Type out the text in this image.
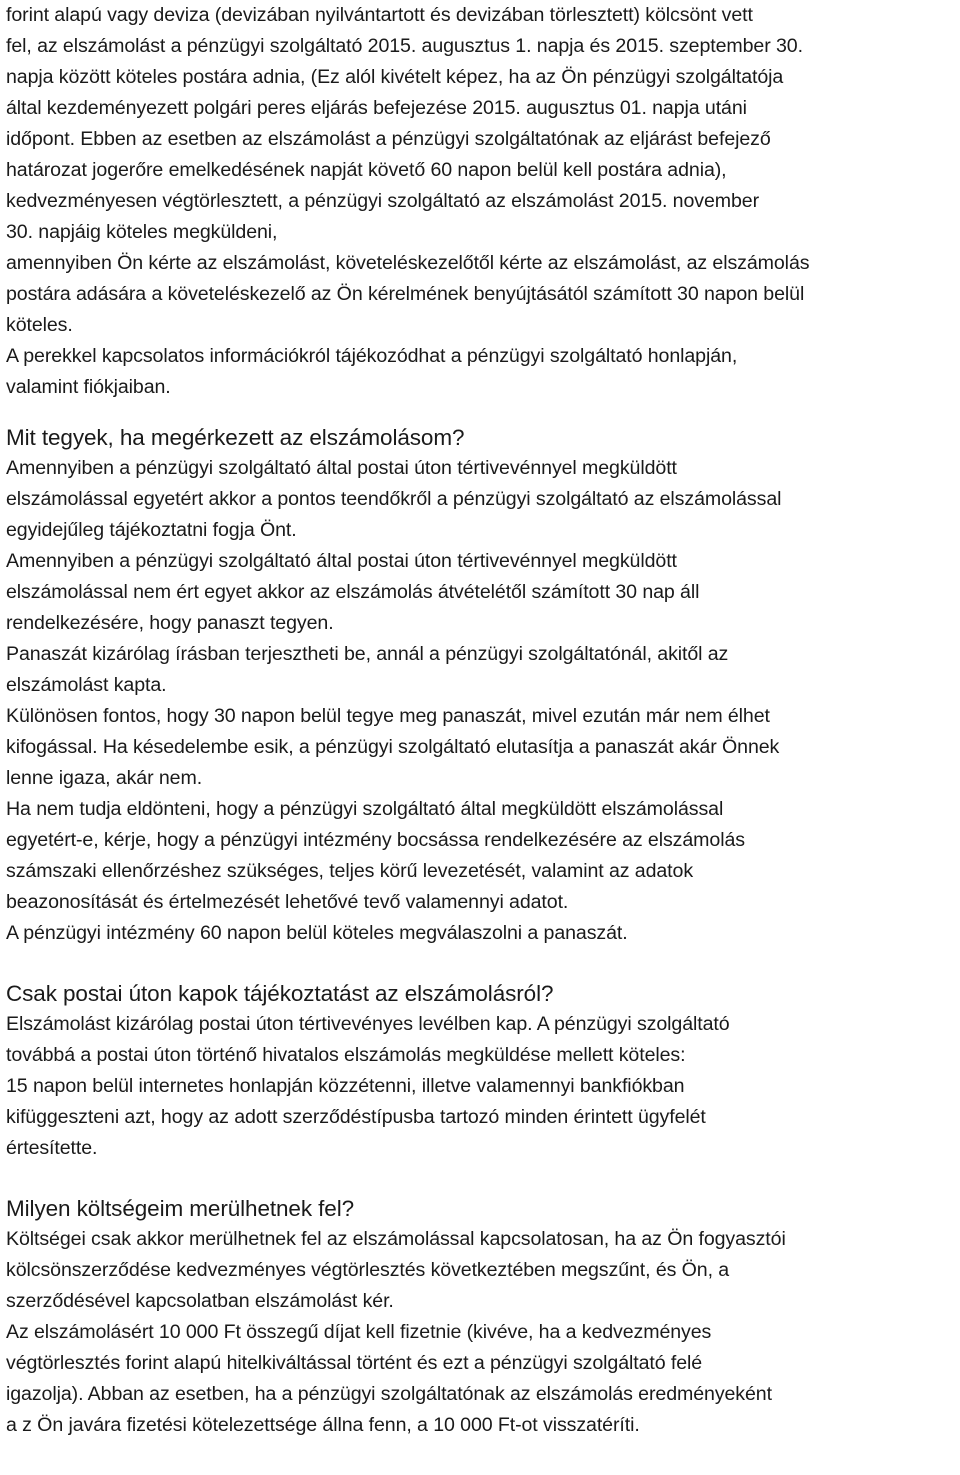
forint alapú vagy deviza (devizában nyilvántartott és devizában törlesztett) kölcsönt vett
fel, az elszámolást a pénzügyi szolgáltató 2015. augusztus 1. napja és 2015. szeptember 30.
napja között köteles postára adnia, (Ez alól kivételt képez, ha az Ön pénzügyi szolgáltatója
által kezdeményezett polgári peres eljárás befejezése 2015. augusztus 01. napja utáni
időpont. Ebben az esetben az elszámolást a pénzügyi szolgáltatónak az eljárást befejező
határozat jogerőre emelkedésének napját követő 60 napon belül kell postára adnia),
kedvezményesen végtörlesztett, a pénzügyi szolgáltató az elszámolást 2015. november
30. napjáig köteles megküldeni,
amennyiben Ön kérte az elszámolást, követeléskezelőtől kérte az elszámolást, az elszámolás
postára adására a követeléskezelő az Ön kérelmének benyújtásától számított 30 napon belül
köteles.
A perekkel kapcsolatos információkról tájékozódhat a pénzügyi szolgáltató honlapján,
valamint fiókjaiban.
Mit tegyek, ha megérkezett az elszámolásom?
Amennyiben a pénzügyi szolgáltató által postai úton tértivevénnyel megküldött
elszámolással egyetért akkor a pontos teendőkről a pénzügyi szolgáltató az elszámolással
egyidejűleg tájékoztatni fogja Önt.
Amennyiben a pénzügyi szolgáltató által postai úton tértivevénnyel megküldött
elszámolással nem ért egyet akkor az elszámolás átvételétől számított 30 nap áll
rendelkezésére, hogy panaszt tegyen.
Panaszát kizárólag írásban terjesztheti be, annál a pénzügyi szolgáltatónál, akitől az
elszámolást kapta.
Különösen fontos, hogy 30 napon belül tegye meg panaszát, mivel ezután már nem élhet
kifogással. Ha késedelembe esik, a pénzügyi szolgáltató elutasítja a panaszát akár Önnek
lenne igaza, akár nem.
Ha nem tudja eldönteni, hogy a pénzügyi szolgáltató által megküldött elszámolással
egyetért-e, kérje, hogy a pénzügyi intézmény bocsássa rendelkezésére az elszámolás
számszaki ellenőrzéshez szükséges, teljes körű levezetését, valamint az adatok
beazonosítását és értelmezését lehetővé tevő valamennyi adatot.
A pénzügyi intézmény 60 napon belül köteles megválaszolni a panaszát.
Csak postai úton kapok tájékoztatást az elszámolásról?
Elszámolást kizárólag postai úton tértivevényes levélben kap. A pénzügyi szolgáltató
továbbá a postai úton történő hivatalos elszámolás megküldése mellett köteles:
15 napon belül internetes honlapján közzétenni, illetve valamennyi bankfiókban
kifüggeszteni azt, hogy az adott szerződéstípusba tartozó minden érintett ügyfelét
értesítette.
Milyen költségeim merülhetnek fel?
Költségei csak akkor merülhetnek fel az elszámolással kapcsolatosan, ha az Ön fogyasztói
kölcsönszerződése kedvezményes végtörlesztés következtében megszűnt, és Ön, a
szerződésével kapcsolatban elszámolást kér.
Az elszámolásért 10 000 Ft összegű díjat kell fizetnie (kivéve, ha a kedvezményes
végtörlesztés forint alapú hitelkiváltással történt és ezt a pénzügyi szolgáltató felé
igazolja). Abban az esetben, ha a pénzügyi szolgáltatónak az elszámolás eredményeként
a z Ön javára fizetési kötelezettsége állna fenn, a 10 000 Ft-ot visszatéríti.
